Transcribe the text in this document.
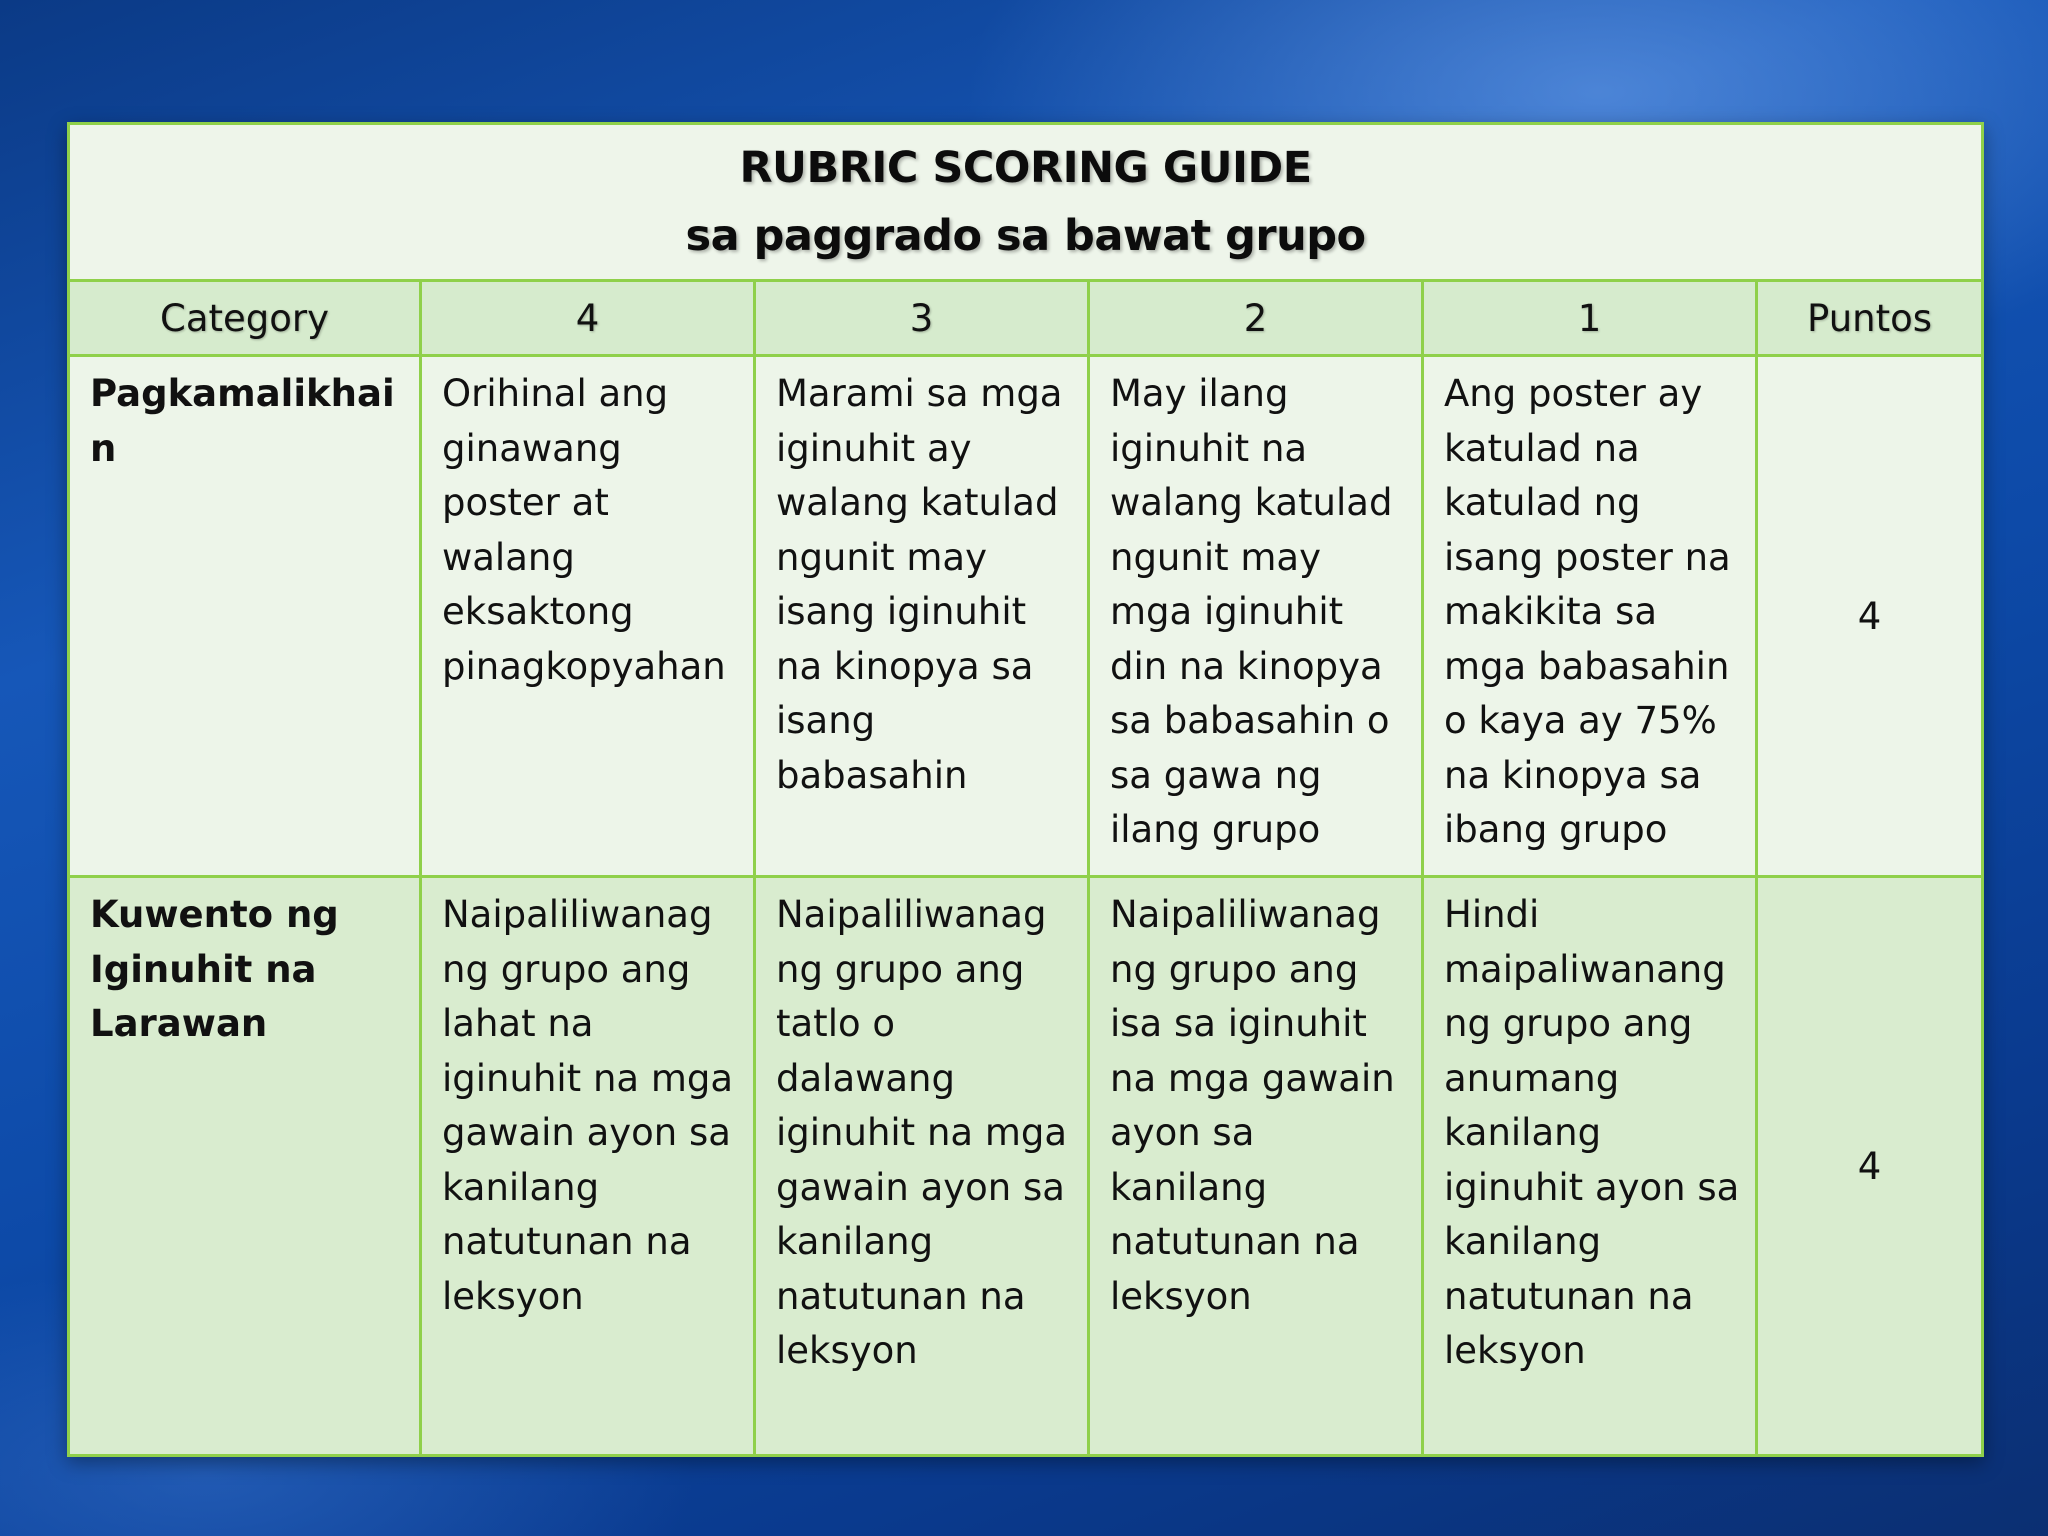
RUBRIC SCORING GUIDE
sa paggrado sa bawat grupo					

Category	4	3	2	1	Puntos
Pagkamalikhain	Orihinal ang ginawang poster at walang eksaktong pinagkopyahan	Marami sa mga iginuhit ay walang katulad ngunit may isang iginuhit na kinopya sa isang babasahin	May ilang iginuhit na walang katulad ngunit may mga iginuhit din na kinopya sa babasahin o sa gawa ng ilang grupo	Ang poster ay katulad na katulad ng isang poster na makikita sa mga babasahin o kaya ay 75% na kinopya sa ibang grupo	4
Kuwento ng Iginuhit na Larawan	Naipaliliwanag ng grupo ang lahat na iginuhit na mga gawain ayon sa kanilang natutunan na leksyon	Naipaliliwanag ng grupo ang tatlo o dalawang iginuhit na mga gawain ayon sa kanilang natutunan na leksyon	Naipaliliwanag ng grupo ang isa sa iginuhit na mga gawain ayon sa kanilang natutunan na leksyon	Hindi maipaliwanang ng grupo ang anumang kanilang iginuhit ayon sa kanilang natutunan na leksyon	4
